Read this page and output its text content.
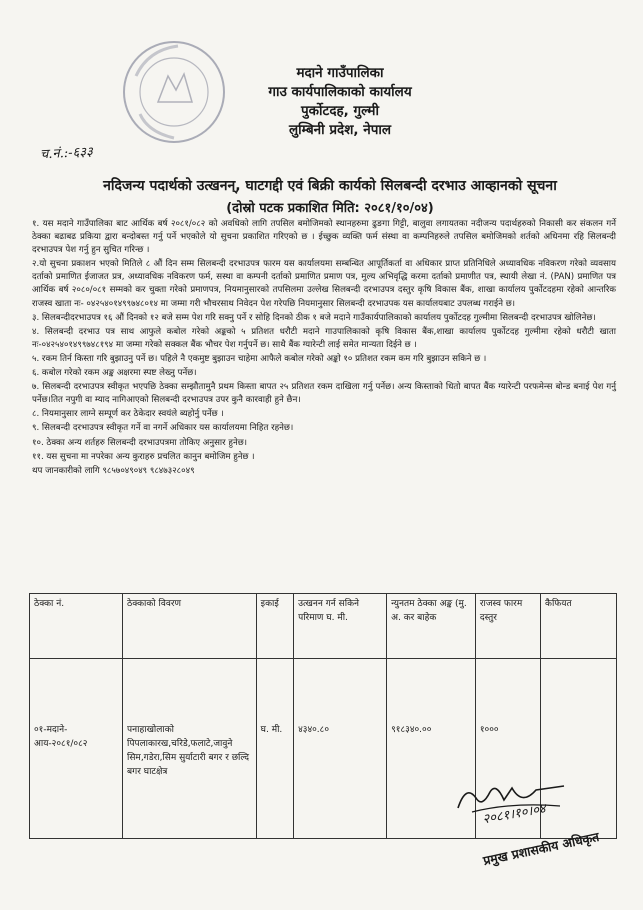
मदाने गाउँपालिका
गाउ कार्यपालिकाको कार्यालय
पुर्कोटदह, गुल्मी
लुम्बिनी प्रदेश, नेपाल
च.नं.:-६३३
नदिजन्य पदार्थको उत्खनन्, घाटगद्दी एवं बिक्री कार्यको सिलबन्दी दरभाउ आव्हानको सूचना
(दोस्रो पटक प्रकाशित मिति: २०८१/१०/०४)

१. यस मदाने गाउँपालिका बाट आर्थिक बर्ष २०८१/०८२ को अवधिको लागि तपसिल बमोजिमको स्थानहरुमा ढुङगा गिट्टी, बालुवा लगायतका नदीजन्य पदार्थहरुको निकासी कर संकलन गर्ने ठेक्का बढाबढ प्रकिया द्वारा बन्दोबस्त गर्नु पर्ने भएकोले यो सुचना प्रकाशित गरिएको छ । ईच्छुक व्यक्ति फर्म संस्था वा कम्पनिहरुले तपसिल बमोजिमको शर्तको अधिनमा रहि सिलबन्दी दरभाउपत्र पेश गर्नु हुन सुचित गरिन्छ ।

२.यो सुचना प्रकाशन भएको मितिले ८ औं दिन सम्म सिलबन्दी दरभाउपत्र फारम यस कार्यालयमा सम्बन्धित आपूर्तिकर्ता वा अधिकार प्राप्त प्रतिनिधिले अध्यावधिक नविकरण गरेको व्यवसाय दर्ताको प्रमाणित ईजाजत प्रत्र, अध्यावधिक नविकरण फर्म, सस्था वा कम्पनी दर्ताको प्रमाणित प्रमाण पत्र, मुल्य अभिवृद्धि करमा दर्ताको प्रमाणीत पत्र, स्थायी लेखा नं. (PAN) प्रमाणित पत्र आर्थिक बर्ष २०८०/०८१ सम्मको कर चुक्ता गरेको प्रमाणपत्र, नियमानुसारको तपसिलमा उल्लेख सिलबन्दी दरभाउपत्र दस्तुर कृषि विकास बैंक, शाखा कार्यालय पुर्कोटदहमा रहेको आन्तरिक राजस्व खाता नः- ०४२५४०१४९९७४८०१४ मा जम्मा गरी भौचरसाथ निवेदन पेश गरेपछि नियमानुसार सिलबन्दी दरभाउपक यस कार्यालयबाट उपलब्ध गराईने छ।

३. सिलबन्दीदरभाउपत्र १६ औं दिनको १२ बजे सम्म पेश गरि सक्नु पर्ने र सोहि दिनको ठीक १ बजे मदाने गाउँकार्यपालिकाको कार्यालय पुर्कोटदह गुल्मीमा सिलबन्दी दरभाउपत्र खोलिनेछ।

४. सिलबन्दी दरभाउ पत्र साथ आफुले कबोल गरेको अङ्कको ५ प्रतिशत धरौटी मदाने गाउपालिकाको कृषि विकास बैंक,शाखा कार्यालय पुर्कोटदह गुल्मीमा रहेको धरौटी खाता नः-०४२५४०१४९९७४८१९४ मा जम्मा गरेको सक्कल बैंक भौचर पेश गर्नुपर्ने छ। साथै बैंक ग्यारेन्टी लाई समेत मान्यता दिईने छ ।

५. रकम तिर्न किस्ता गरि बुझाउनु पर्ने छ। पहिले नै एकमुष्ट बुझाउन चाहेमा आफैले कबोल गरेको अङ्को १० प्रतिशत रकम कम गरि बुझाउन सकिने छ ।

६. कबोल गरेको रकम अङ्क अक्षरमा स्पष्ट लेख्नु पर्नेछ।

७. सिलबन्दी दरभाउपत्र स्वीकृत भएपछि ठेक्का सम्झौतामुनै प्रथम किस्ता बापत २५ प्रतिशत रकम दाखिला गर्नु पर्नेछ। अन्य किस्ताको धितो बापत बैंक ग्यारेन्टी परफमेन्स बोन्ड बनाई पेश गर्नु पर्नेछ।तित नपुगी वा म्याद नागिआएको सिलबन्दी दरभाउपत्र उपर कुनै कारवाही हुने छैन।

८. नियमानुसार लाग्ने सम्पूर्ण कर ठेकेदार स्वयंले ब्यहोर्नु पर्नेछ ।

९. सिलबन्दी दरभाउपत्र स्वीकृत गर्ने वा नगर्ने अधिकार यस कार्यालयमा निहित रहनेछ।

१०. ठेक्का अन्य शर्तहरु सिलबन्दी दरभाउपत्रमा तोकिए अनुसार हुनेछ।

११. यस सुचना मा नपरेका अन्य कुराहरु प्रचलित कानुन बमोजिम हुनेछ ।

थप जानकारीको लागि ९८५७०४९०४९ ९८४७३२८०४९

ठेक्का नं.	ठेक्काको विवरण	इकाई	उत्खनन गर्न सकिने परिमाण घ. मी.	न्युनतम ठेक्का अङ्क (मु. अ. कर बाहेक	राजस्व फारम दस्तुर	कैफियत
०१-मदाने-आय-२०८१/०८२	पनाहाखोलाको पिपलाकारख,चरिडे,फलाटे,जावुने सिम,गडेरा,सिम सुर्याटारी बगर र छल्दि बगर घाटक्षेत्र	घ. मी.	४३४०.८०	९१८३४०.००	१०००	
२०८१।१०।०४
प्रमुख प्रशासकीय अधिकृत
